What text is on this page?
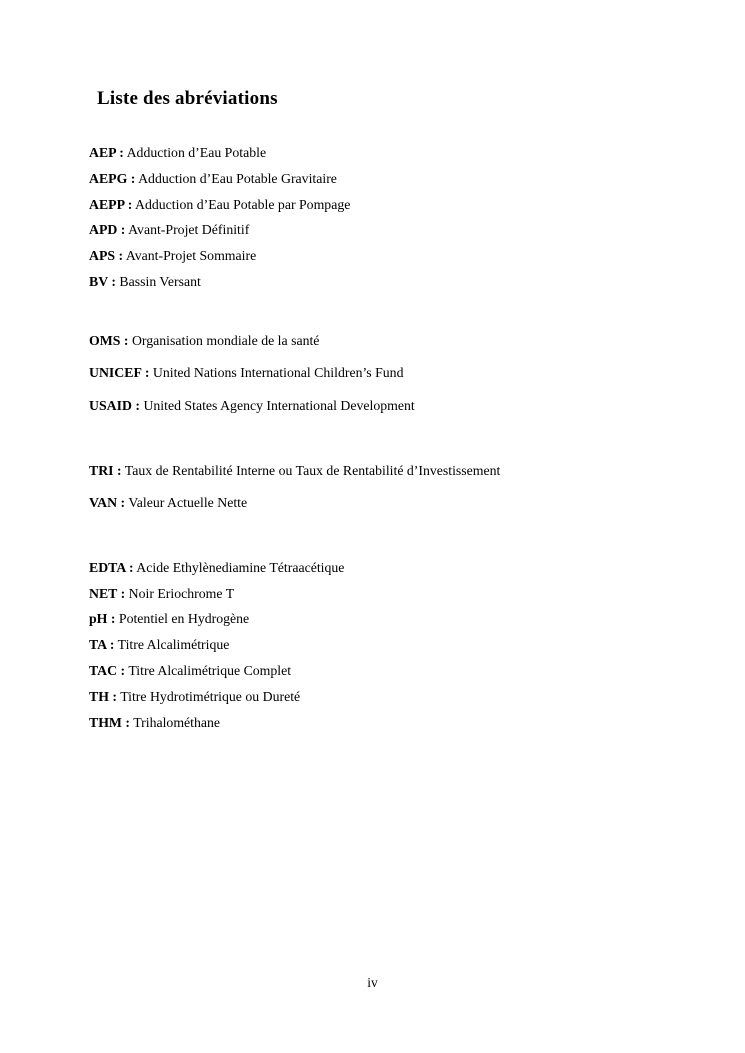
Liste des abréviations

AEP : Adduction d’Eau Potable

AEPG : Adduction d’Eau Potable Gravitaire

AEPP : Adduction d’Eau Potable par Pompage

APD : Avant-Projet Définitif

APS : Avant-Projet Sommaire

BV : Bassin Versant

OMS : Organisation mondiale de la santé

UNICEF : United Nations International Children’s Fund

USAID : United States Agency International Development

TRI : Taux de Rentabilité Interne ou Taux de Rentabilité d’Investissement

VAN : Valeur Actuelle Nette

EDTA : Acide Ethylènediamine Tétraacétique

NET : Noir Eriochrome T

pH : Potentiel en Hydrogène

TA : Titre Alcalimétrique

TAC : Titre Alcalimétrique Complet

TH : Titre Hydrotimétrique ou Dureté

THM : Trihalométhane

iv
